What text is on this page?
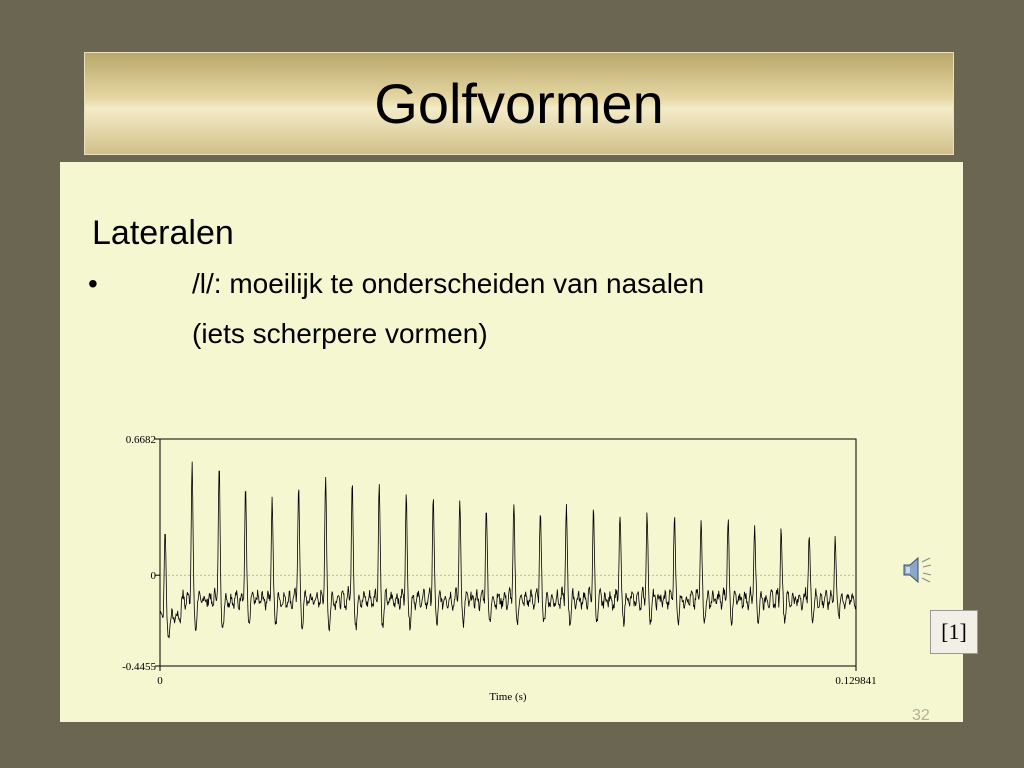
Golfvormen
Lateralen
•	/l/: moeilijk te onderscheiden van nasalen
(iets scherpere vormen)
0.6682
0
-0.4455
0	0.129841
Time (s)
[1]
32
